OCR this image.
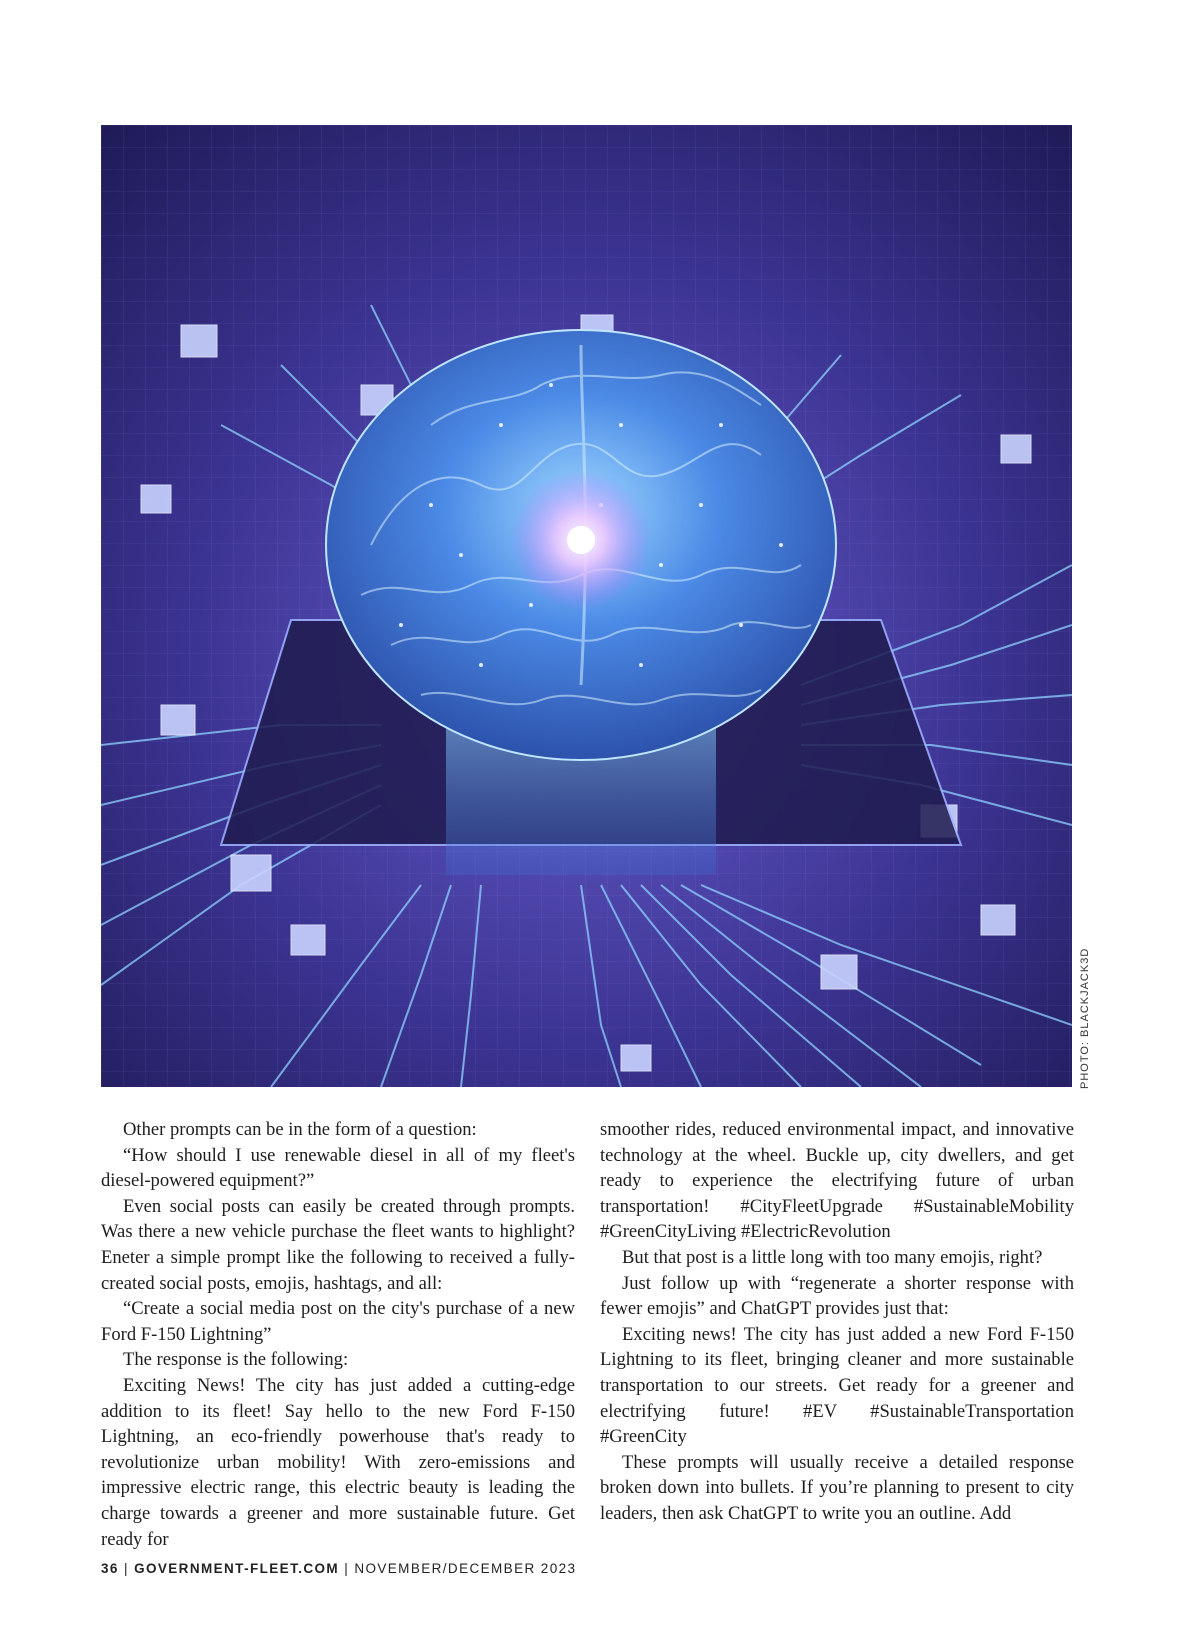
PHOTO: BLACKJACK3D

Other prompts can be in the form of a question:

“How should I use renewable diesel in all of my fleet's diesel-powered equipment?”

Even social posts can easily be created through prompts. Was there a new vehicle purchase the fleet wants to highlight? Eneter a simple prompt like the following to received a fully-created social posts, emojis, hashtags, and all:

“Create a social media post on the city's purchase of a new Ford F-150 Lightning”

The response is the following:

Exciting News! The city has just added a cutting-edge addition to its fleet! Say hello to the new Ford F-150 Lightning, an eco-friendly powerhouse that's ready to revolutionize urban mobility! With zero-emissions and impressive electric range, this electric beauty is leading the charge towards a greener and more sustainable future. Get ready for

smoother rides, reduced environmental impact, and innovative technology at the wheel. Buckle up, city dwellers, and get ready to experience the electrifying future of urban transportation! #CityFleetUpgrade #SustainableMobility #GreenCityLiving #ElectricRevolution

But that post is a little long with too many emojis, right?

Just follow up with “regenerate a shorter response with fewer emojis” and ChatGPT provides just that:

Exciting news! The city has just added a new Ford F-150 Lightning to its fleet, bringing cleaner and more sustainable transportation to our streets. Get ready for a greener and electrifying future! #EV #SustainableTransportation #GreenCity

These prompts will usually receive a detailed response broken down into bullets. If you’re planning to present to city leaders, then ask ChatGPT to write you an outline. Add

36 | GOVERNMENT-FLEET.COM | NOVEMBER/DECEMBER 2023
